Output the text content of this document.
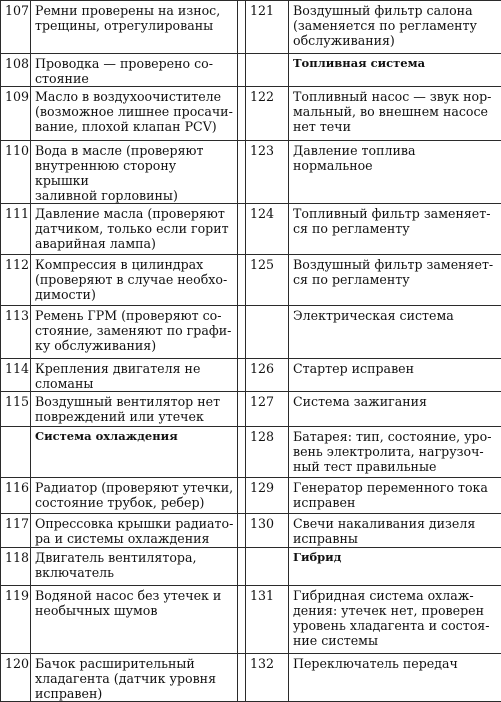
107	Ремни проверены на износ,
трещины, отрегулированы		121	Воздушный фильтр салона
(заменяется по регламенту
обслуживания)
108	Проводка — проверено со-
стояние			Топливная система
109	Масло в воздухоочистителе
(возможное лишнее просачи-
вание, плохой клапан PCV)		122	Топливный насос — звук нор-
мальный, во внешнем насосе
нет течи
110	Вода в масле (проверяют
внутреннюю сторону крышки
заливной горловины)		123	Давление топлива нормальное
111	Давление масла (проверяют
датчиком, только если горит
аварийная лампа)		124	Топливный фильтр заменяет-
ся по регламенту
112	Компрессия в цилиндрах
(проверяют в случае необхо-
димости)		125	Воздушный фильтр заменяет-
ся по регламенту
113	Ремень ГРМ (проверяют со-
стояние, заменяют по графи-
ку обслуживания)			Электрическая система
114	Крепления двигателя не
сломаны		126	Стартер исправен
115	Воздушный вентилятор нет
повреждений или утечек		127	Система зажигания
	Система охлаждения		128	Батарея: тип, состояние, уро-
вень электролита, нагрузоч-
ный тест правильные
116	Радиатор (проверяют утечки,
состояние трубок, ребер)		129	Генератор переменного тока
исправен
117	Опрессовка крышки радиато-
ра и системы охлаждения		130	Свечи накаливания дизеля
исправны
118	Двигатель вентилятора,
включатель			Гибрид
119	Водяной насос без утечек и
необычных шумов		131	Гибридная система охлаж-
дения: утечек нет, проверен
уровень хладагента и состоя-
ние системы
120	Бачок расширительный
хладагента (датчик уровня
исправен)		132	Переключатель передач
